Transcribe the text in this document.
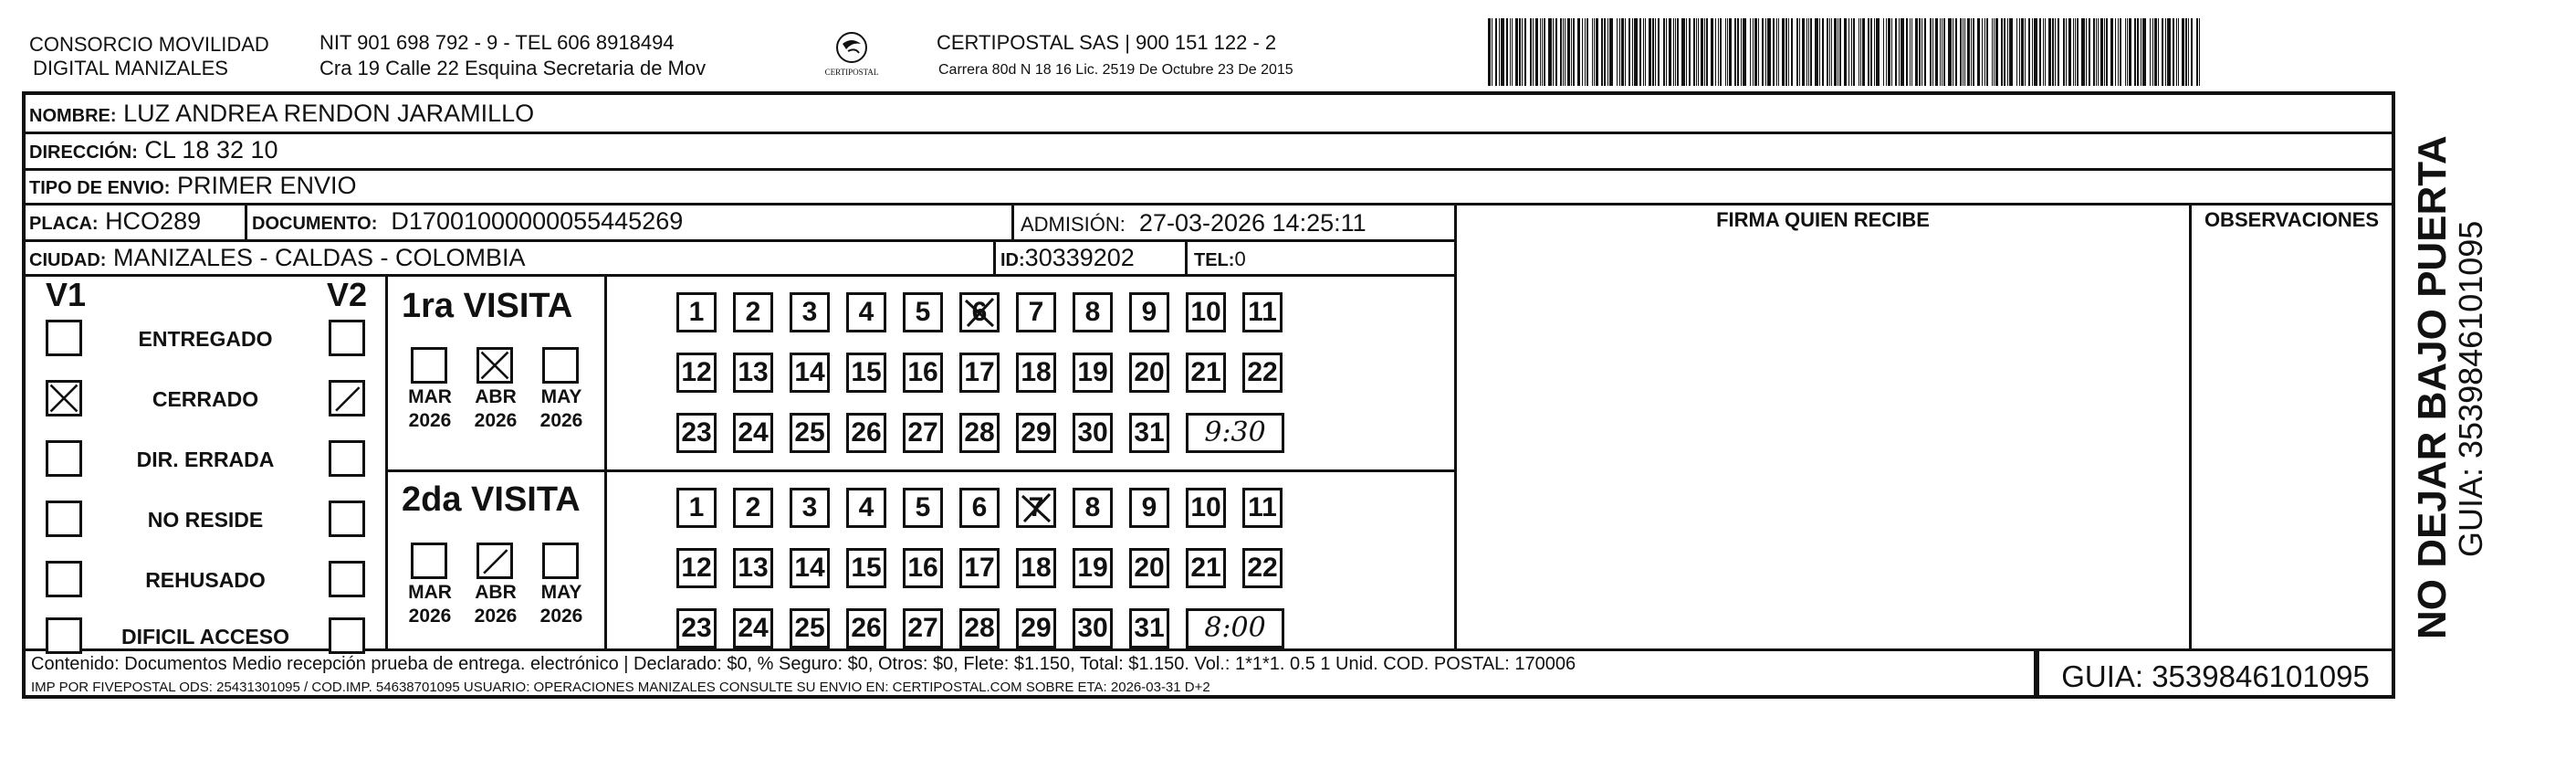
CONSORCIO MOVILIDAD
DIGITAL MANIZALES
NIT 901 698 792 - 9 - TEL 606 8918494
Cra 19 Calle 22 Esquina Secretaria de Mov	CERTIPOSTAL
CERTIPOSTAL SAS | 900 151 122 - 2
Carrera 80d N 18 16 Lic. 2519 De Octubre 23 De 2015
NOMBRE: LUZ ANDREA RENDON JARAMILLO
DIRECCIÓN: CL 18 32 10
TIPO DE ENVIO: PRIMER ENVIO
PLACA: HCO289	DOCUMENTO: D17001000000055445269	ADMISIÓN: 27-03-2026 14:25:11
CIUDAD: MANIZALES - CALDAS - COLOMBIA	ID:30339202	TEL:0
FIRMA QUIEN RECIBE	OBSERVACIONES
V1	V2
ENTREGADO
CERRADO
DIR. ERRADA
NO RESIDE
REHUSADO
DIFICIL ACCESO
1ra VISITA
MAR
2026
ABR
2026
MAY
2026
1	2	3	4	5	6	7	8	9	10 11
12 13 14 15 16 17 18 19 20 21 22
23 24 25 26 27 28 29 30 31	9:30
2da VISITA
MAR
2026
ABR
2026
MAY
2026
1	2	3	4	5	6	7	8	9	10 11
12 13 14 15 16 17 18 19 20 21 22
23 24 25 26 27 28 29 30 31	8:00
Contenido: Documentos Medio recepción prueba de entrega. electrónico | Declarado: $0, % Seguro: $0, Otros: $0, Flete: $1.150, Total: $1.150. Vol.: 1*1*1. 0.5 1 Unid. COD. POSTAL: 170006
IMP POR FIVEPOSTAL ODS: 25431301095 / COD.IMP. 54638701095 USUARIO: OPERACIONES MANIZALES CONSULTE SU ENVIO EN: CERTIPOSTAL.COM SOBRE ETA: 2026-03-31 D+2	GUIA: 3539846101095
NO DEJAR BAJO PUERTA
GUIA: 3539846101095
